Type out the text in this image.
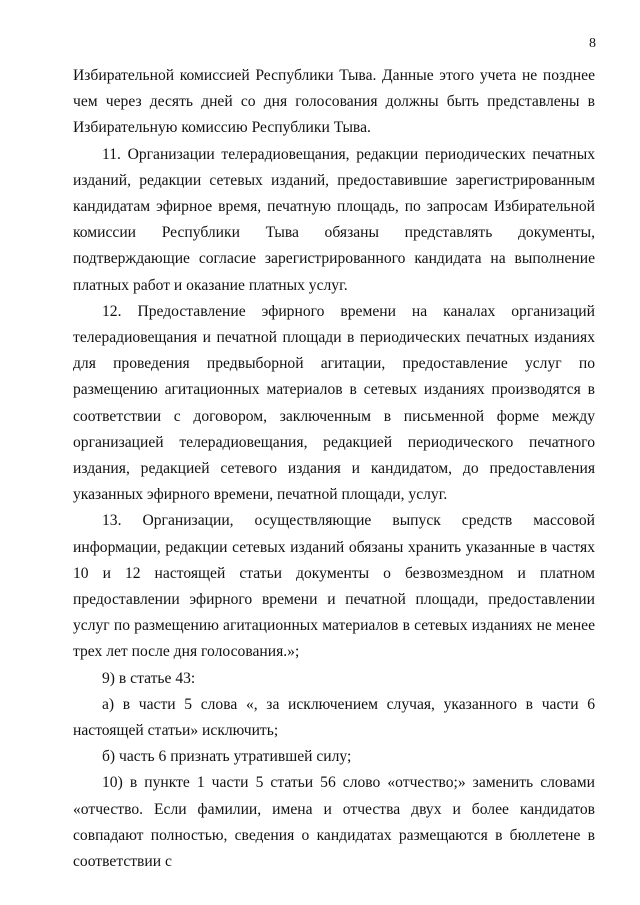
8

Избирательной комиссией Республики Тыва. Данные этого учета не позднее чем через десять дней со дня голосования должны быть представлены в Избирательную комиссию Республики Тыва.

11. Организации телерадиовещания, редакции периодических печатных изданий, редакции сетевых изданий, предоставившие зарегистрированным кандидатам эфирное время, печатную площадь, по запросам Избирательной комиссии Республики Тыва обязаны представлять документы, подтверждающие согласие зарегистрированного кандидата на выполнение платных работ и оказание платных услуг.

12. Предоставление эфирного времени на каналах организаций телерадиовещания и печатной площади в периодических печатных изданиях для проведения предвыборной агитации, предоставление услуг по размещению агитационных материалов в сетевых изданиях производятся в соответствии с договором, заключенным в письменной форме между организацией телерадиовещания, редакцией периодического печатного издания, редакцией сетевого издания и кандидатом, до предоставления указанных эфирного времени, печатной площади, услуг.

13. Организации, осуществляющие выпуск средств массовой информации, редакции сетевых изданий обязаны хранить указанные в частях 10 и 12 настоящей статьи документы о безвозмездном и платном предоставлении эфирного времени и печатной площади, предоставлении услуг по размещению агитационных материалов в сетевых изданиях не менее трех лет после дня голосования.»;

9) в статье 43:

а) в части 5 слова «, за исключением случая, указанного в части 6 настоящей статьи» исключить;

б) часть 6 признать утратившей силу;

10) в пункте 1 части 5 статьи 56 слово «отчество;» заменить словами «отчество. Если фамилии, имена и отчества двух и более кандидатов совпадают полностью, сведения о кандидатах размещаются в бюллетене в соответствии с
